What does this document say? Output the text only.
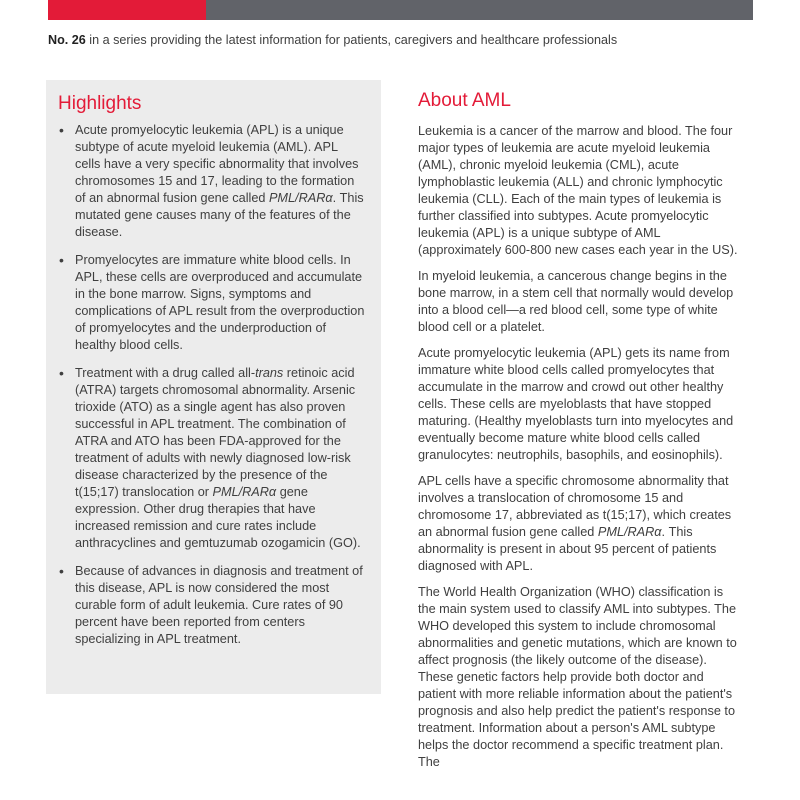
No. 26 in a series providing the latest information for patients, caregivers and healthcare professionals
Highlights
• Acute promyelocytic leukemia (APL) is a unique subtype of acute myeloid leukemia (AML). APL cells have a very specific abnormality that involves chromosomes 15 and 17, leading to the formation of an abnormal fusion gene called PML/RARα. This mutated gene causes many of the features of the disease.
• Promyelocytes are immature white blood cells. In APL, these cells are overproduced and accumulate in the bone marrow. Signs, symptoms and complications of APL result from the overproduction of promyelocytes and the underproduction of healthy blood cells.
• Treatment with a drug called all-trans retinoic acid (ATRA) targets chromosomal abnormality. Arsenic trioxide (ATO) as a single agent has also proven successful in APL treatment. The combination of ATRA and ATO has been FDA-approved for the treatment of adults with newly diagnosed low-risk disease characterized by the presence of the t(15;17) translocation or PML/RARα gene expression. Other drug therapies that have increased remission and cure rates include anthracyclines and gemtuzumab ozogamicin (GO).
• Because of advances in diagnosis and treatment of this disease, APL is now considered the most curable form of adult leukemia. Cure rates of 90 percent have been reported from centers specializing in APL treatment.
About AML

Leukemia is a cancer of the marrow and blood. The four major types of leukemia are acute myeloid leukemia (AML), chronic myeloid leukemia (CML), acute lymphoblastic leukemia (ALL) and chronic lymphocytic leukemia (CLL). Each of the main types of leukemia is further classified into subtypes. Acute promyelocytic leukemia (APL) is a unique subtype of AML (approximately 600-800 new cases each year in the US).

In myeloid leukemia, a cancerous change begins in the bone marrow, in a stem cell that normally would develop into a blood cell—a red blood cell, some type of white blood cell or a platelet.

Acute promyelocytic leukemia (APL) gets its name from immature white blood cells called promyelocytes that accumulate in the marrow and crowd out other healthy cells. These cells are myeloblasts that have stopped maturing. (Healthy myeloblasts turn into myelocytes and eventually become mature white blood cells called granulocytes: neutrophils, basophils, and eosinophils).

APL cells have a specific chromosome abnormality that involves a translocation of chromosome 15 and chromosome 17, abbreviated as t(15;17), which creates an abnormal fusion gene called PML/RARα. This abnormality is present in about 95 percent of patients diagnosed with APL.

The World Health Organization (WHO) classification is the main system used to classify AML into subtypes. The WHO developed this system to include chromosomal abnormalities and genetic mutations, which are known to affect prognosis (the likely outcome of the disease). These genetic factors help provide both doctor and patient with more reliable information about the patient's prognosis and also help predict the patient's response to treatment. Information about a person's AML subtype helps the doctor recommend a specific treatment plan. The
